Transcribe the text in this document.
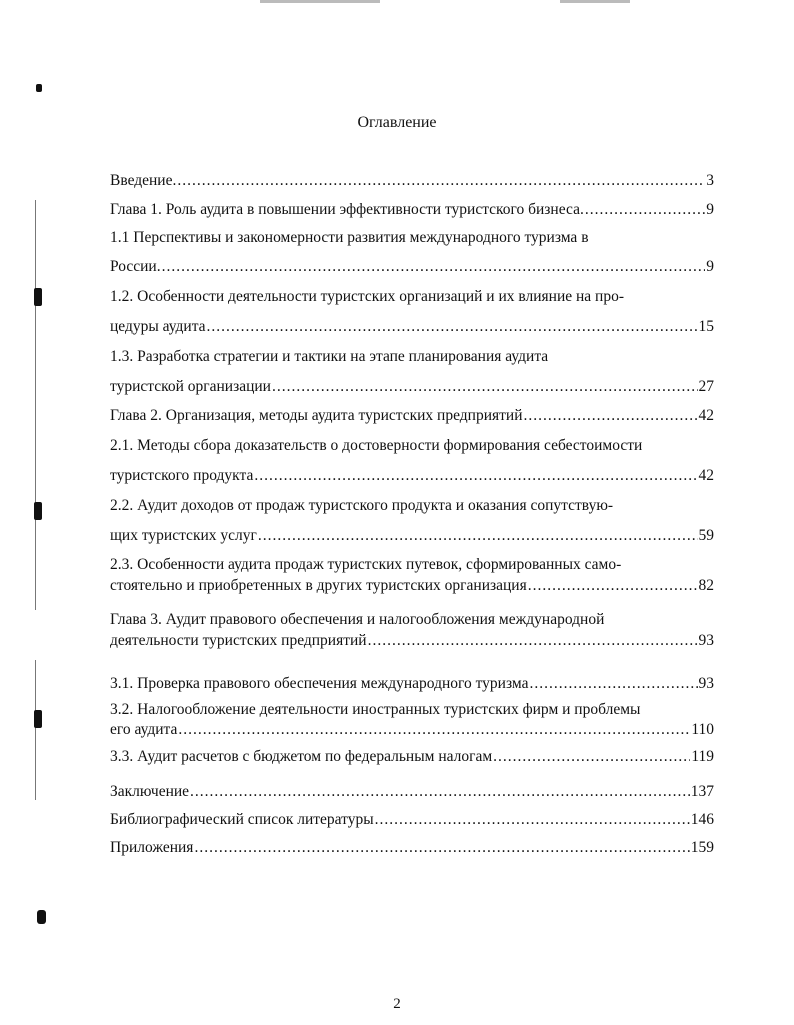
Оглавление
Введение. .....	3
Глава 1. Роль аудита в повышении эффективности туристского бизнеса. .....	9
1.1 Перспективы и закономерности развития международного туризма в
России. .....	9
1.2. Особенности деятельности туристских организаций и их влияние на про-
цедуры аудита .....	15
1.3. Разработка стратегии и тактики на этапе планирования аудита
туристской организации .....	27
Глава 2. Организация, методы аудита туристских предприятий .....	42
2.1. Методы сбора доказательств о достоверности формирования себестоимости
туристского продукта .....	42
2.2. Аудит доходов от продаж туристского продукта и оказания сопутствую-
щих туристских услуг .....	59
2.3. Особенности аудита продаж туристских путевок, сформированных само-
стоятельно и приобретенных в других туристских организация .....	82
Глава 3. Аудит правового обеспечения и налогообложения международной
деятельности туристских предприятий .....	93
3.1. Проверка правового обеспечения международного туризма .....	93
3.2. Налогообложение деятельности иностранных туристских фирм и проблемы
его аудита .....	110
3.3. Аудит расчетов с бюджетом по федеральным налогам .....	119
Заключение .....	137
Библиографический список литературы .....	146
Приложения .....	159
2
